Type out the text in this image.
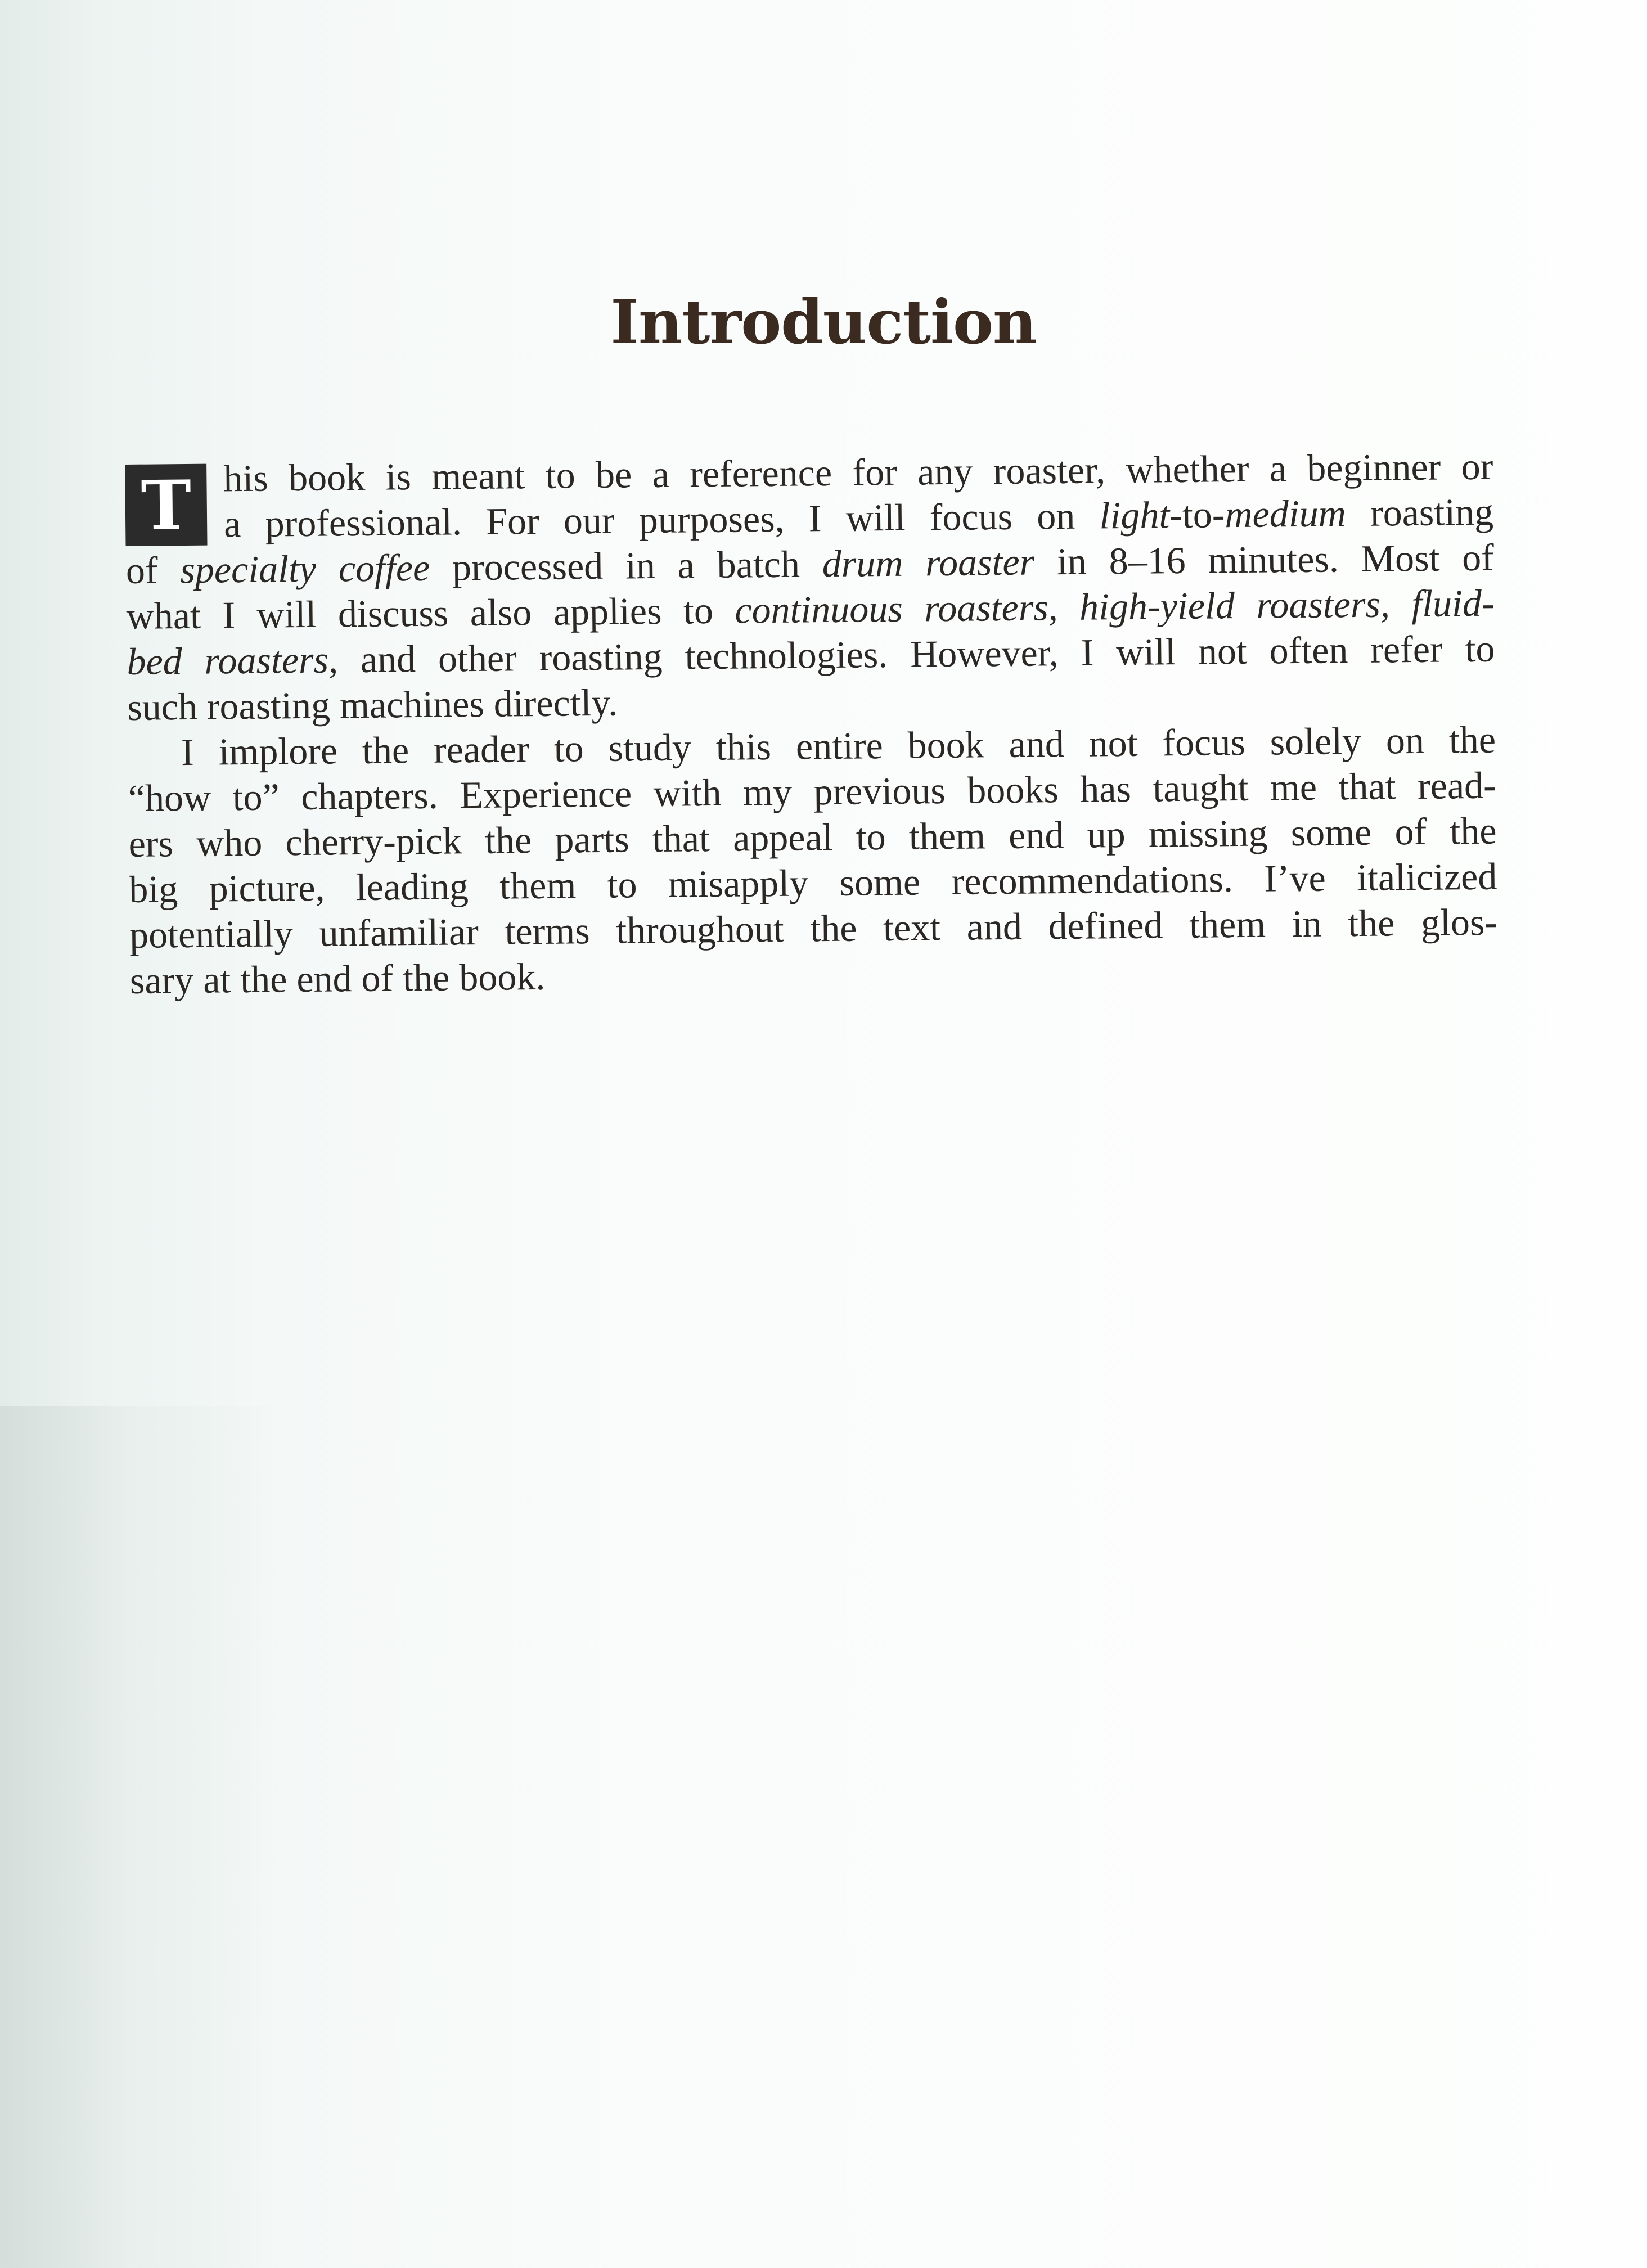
Introduction

T his book is meant to be a reference for any roaster, whether a beginner or
a professional. For our purposes, I will focus on light-to-medium roasting
of specialty coffee processed in a batch drum roaster in 8–16 minutes. Most of
what I will discuss also applies to continuous roasters, high-yield roasters, fluid-
bed roasters, and other roasting technologies. However, I will not often refer to
such roasting machines directly.

I implore the reader to study this entire book and not focus solely on the
“how to” chapters. Experience with my previous books has taught me that read-
ers who cherry-pick the parts that appeal to them end up missing some of the
big picture, leading them to misapply some recommendations. I’ve italicized
potentially unfamiliar terms throughout the text and defined them in the glos-
sary at the end of the book.
